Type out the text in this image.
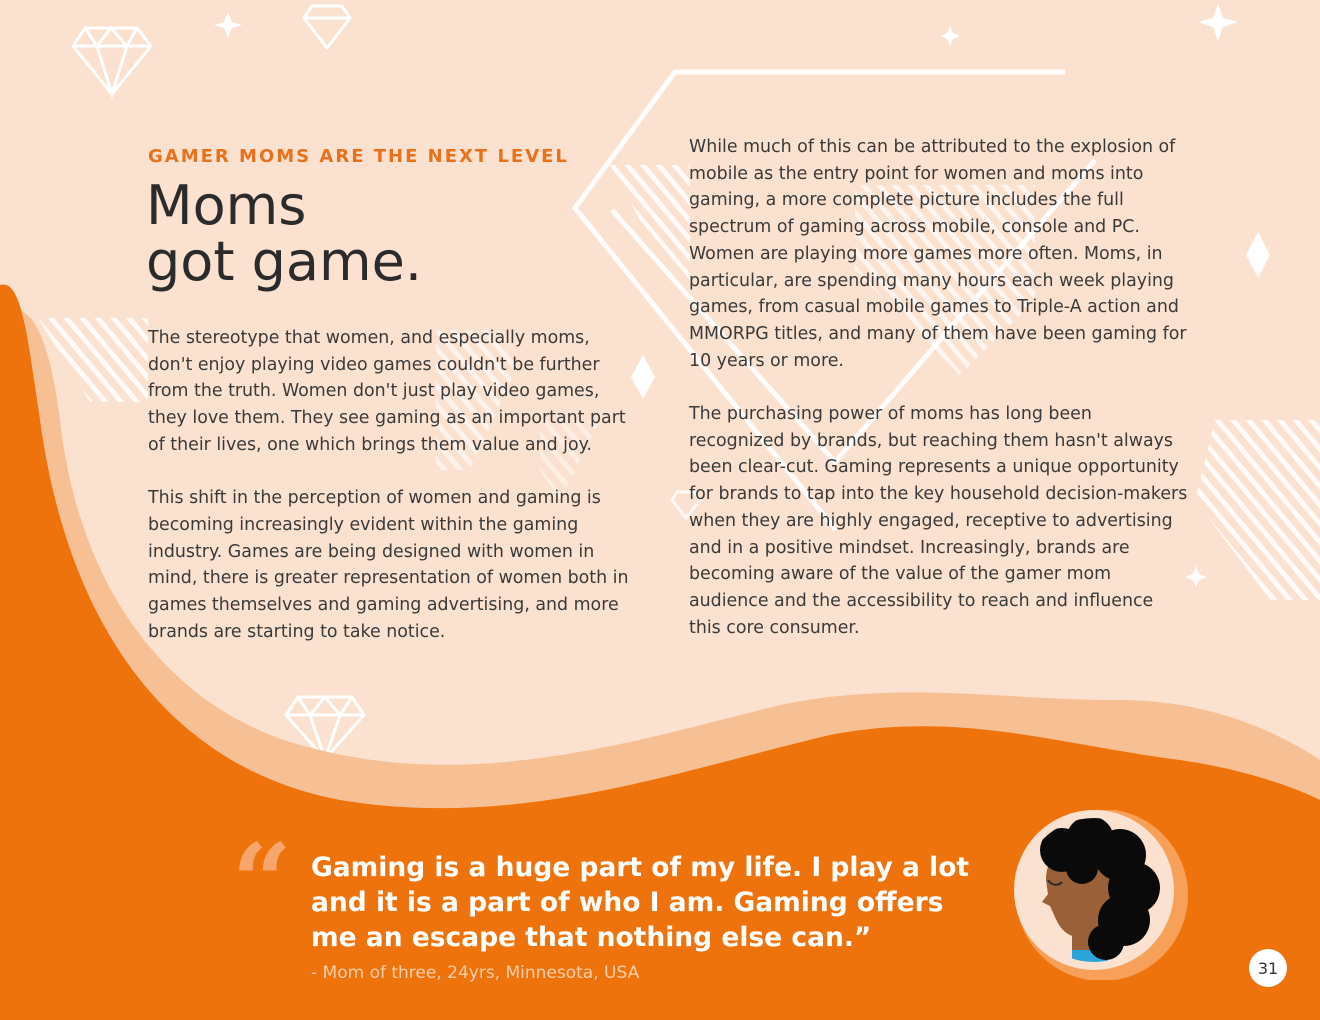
GAMER MOMS ARE THE NEXT LEVEL
Moms
got game.

The stereotype that women, and especially moms, don't enjoy playing video games couldn't be further from the truth. Women don't just play video games, they love them. They see gaming as an important part of their lives, one which brings them value and joy.

This shift in the perception of women and gaming is becoming increasingly evident within the gaming industry. Games are being designed with women in mind, there is greater representation of women both in games themselves and gaming advertising, and more brands are starting to take notice.

While much of this can be attributed to the explosion of mobile as the entry point for women and moms into gaming, a more complete picture includes the full spectrum of gaming across mobile, console and PC. Women are playing more games more often. Moms, in particular, are spending many hours each week playing games, from casual mobile games to Triple-A action and MMORPG titles, and many of them have been gaming for 10 years or more.

The purchasing power of moms has long been recognized by brands, but reaching them hasn't always been clear-cut. Gaming represents a unique opportunity for brands to tap into the key household decision-makers when they are highly engaged, receptive to advertising and in a positive mindset. Increasingly, brands are becoming aware of the value of the gamer mom audience and the accessibility to reach and influence this core consumer.

“ Gaming is a huge part of my life. I play a lot and it is a part of who I am. Gaming offers me an escape that nothing else can.”
- Mom of three, 24yrs, Minnesota, USA	31
